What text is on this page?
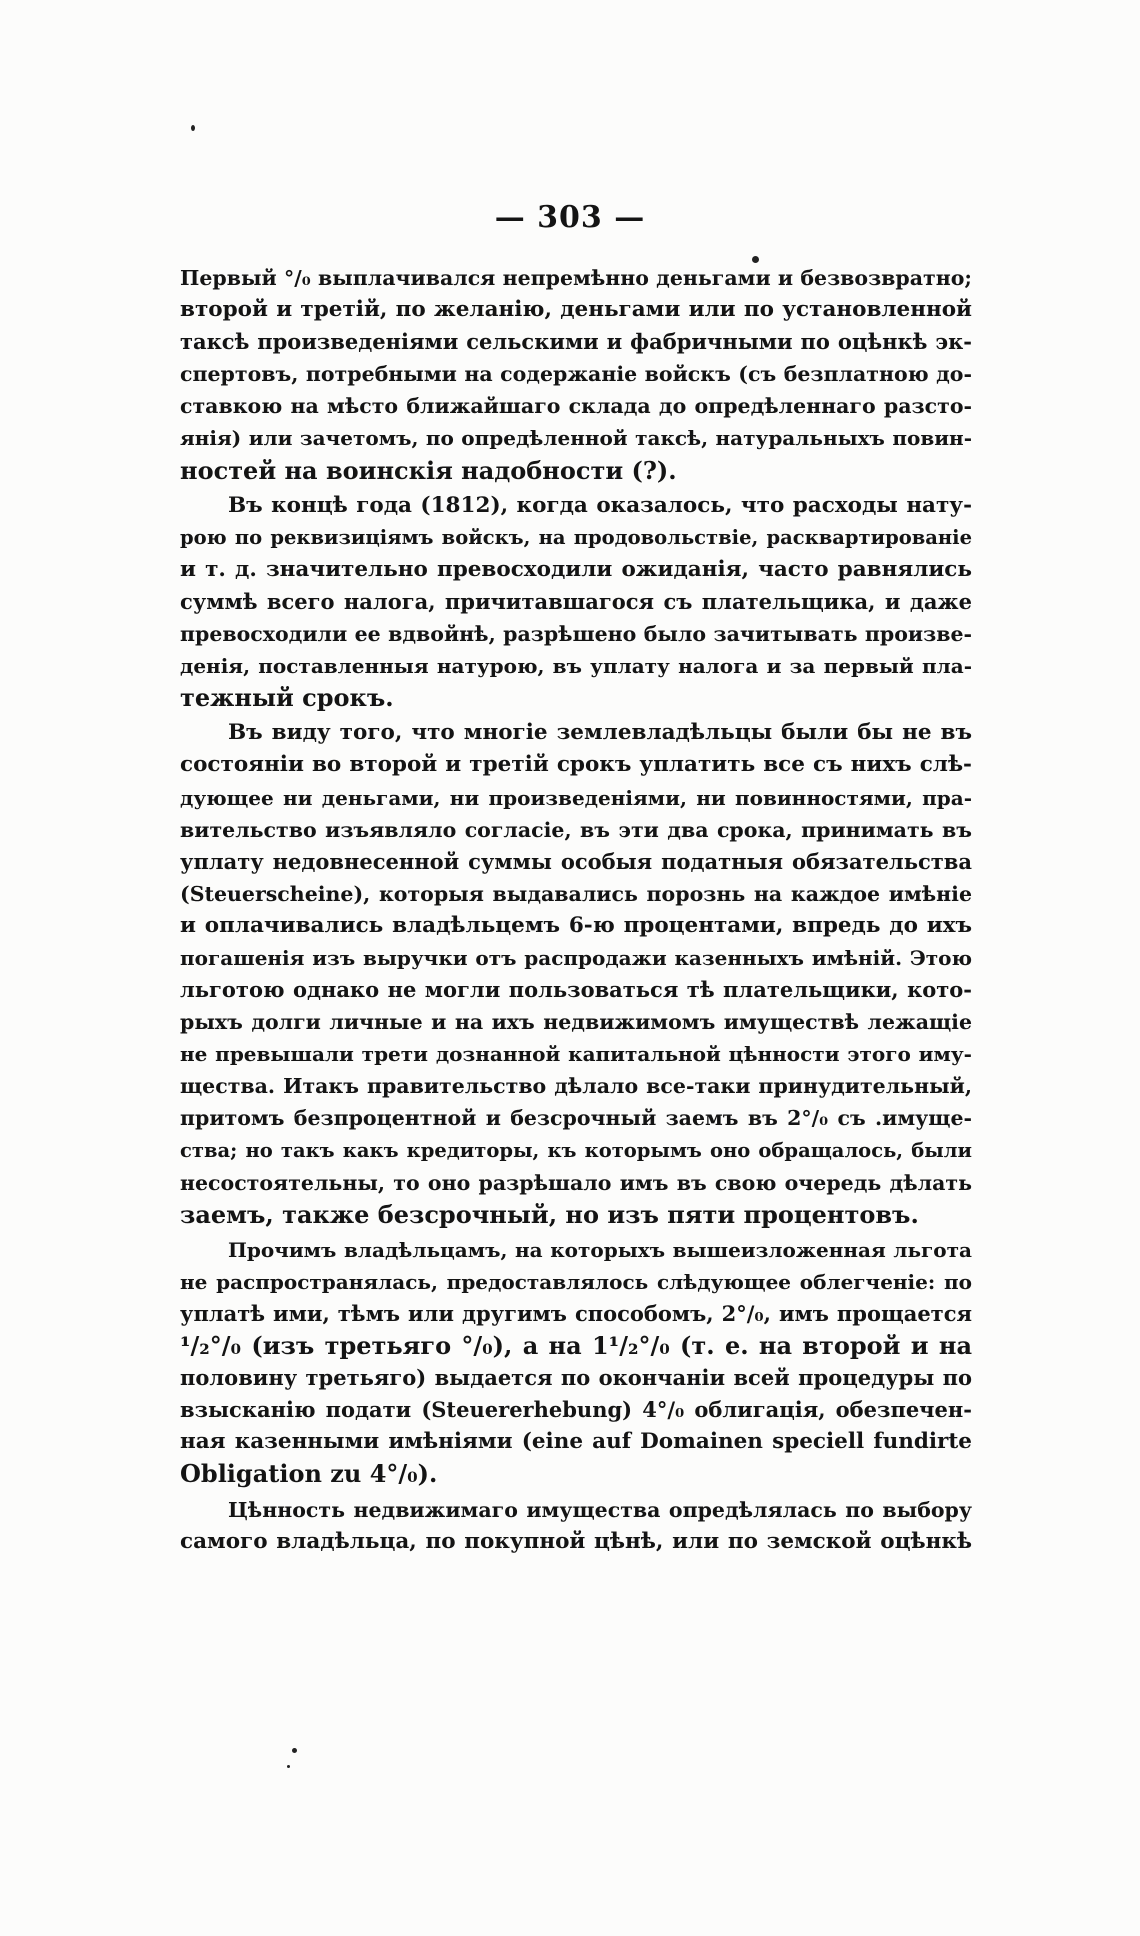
— 303 —
Первый °/₀ выплачивался непремѣнно деньгами и безвозвратно;
второй и третій, по желанію, деньгами или по установленной
таксѣ произведеніями сельскими и фабричными по оцѣнкѣ эк-
спертовъ, потребными на содержаніе войскъ (съ безплатною до-
ставкою на мѣсто ближайшаго склада до опредѣленнаго разсто-
янія) или зачетомъ, по опредѣленной таксѣ, натуральныхъ повин-
ностей на воинскія надобности (?).
Въ концѣ года (1812), когда оказалось, что расходы нату-
рою по реквизиціямъ войскъ, на продовольствіе, расквартированіе
и т. д. значительно превосходили ожиданія, часто равнялись
суммѣ всего налога, причитавшагося съ плательщика, и даже
превосходили ее вдвойнѣ, разрѣшено было зачитывать произве-
денія, поставленныя натурою, въ уплату налога и за первый пла-
тежный срокъ.
Въ виду того, что многіе землевладѣльцы были бы не въ
состояніи во второй и третій срокъ уплатить все съ нихъ слѣ-
дующее ни деньгами, ни произведеніями, ни повинностями, пра-
вительство изъявляло согласіе, въ эти два срока, принимать въ
уплату недовнесенной суммы особыя податныя обязательства
(Steuerscheine), которыя выдавались порознь на каждое имѣніе
и оплачивались владѣльцемъ 6-ю процентами, впредь до ихъ
погашенія изъ выручки отъ распродажи казенныхъ имѣній. Этою
льготою однако не могли пользоваться тѣ плательщики, кото-
рыхъ долги личные и на ихъ недвижимомъ имуществѣ лежащіе
не превышали трети дознанной капитальной цѣнности этого иму-
щества. Итакъ правительство дѣлало все-таки принудительный,
притомъ безпроцентной и безсрочный заемъ въ 2°/₀ съ .имуще-
ства; но такъ какъ кредиторы, къ которымъ оно обращалось, были
несостоятельны, то оно разрѣшало имъ въ свою очередь дѣлать
заемъ, также безсрочный, но изъ пяти процентовъ.
Прочимъ владѣльцамъ, на которыхъ вышеизложенная льгота
не распространялась, предоставлялось слѣдующее облегченіе: по
уплатѣ ими, тѣмъ или другимъ способомъ, 2°/₀, имъ прощается
¹/₂°/₀ (изъ третьяго °/₀), а на 1¹/₂°/₀ (т. е. на второй и на
половину третьяго) выдается по окончаніи всей процедуры по
взысканію подати (Steuererhebung) 4°/₀ облигація, обезпечен-
ная казенными имѣніями (eine auf Domainen speciell fundirte
Obligation zu 4°/₀).
Цѣнность недвижимаго имущества опредѣлялась по выбору
самого владѣльца, по покупной цѣнѣ, или по земской оцѣнкѣ
